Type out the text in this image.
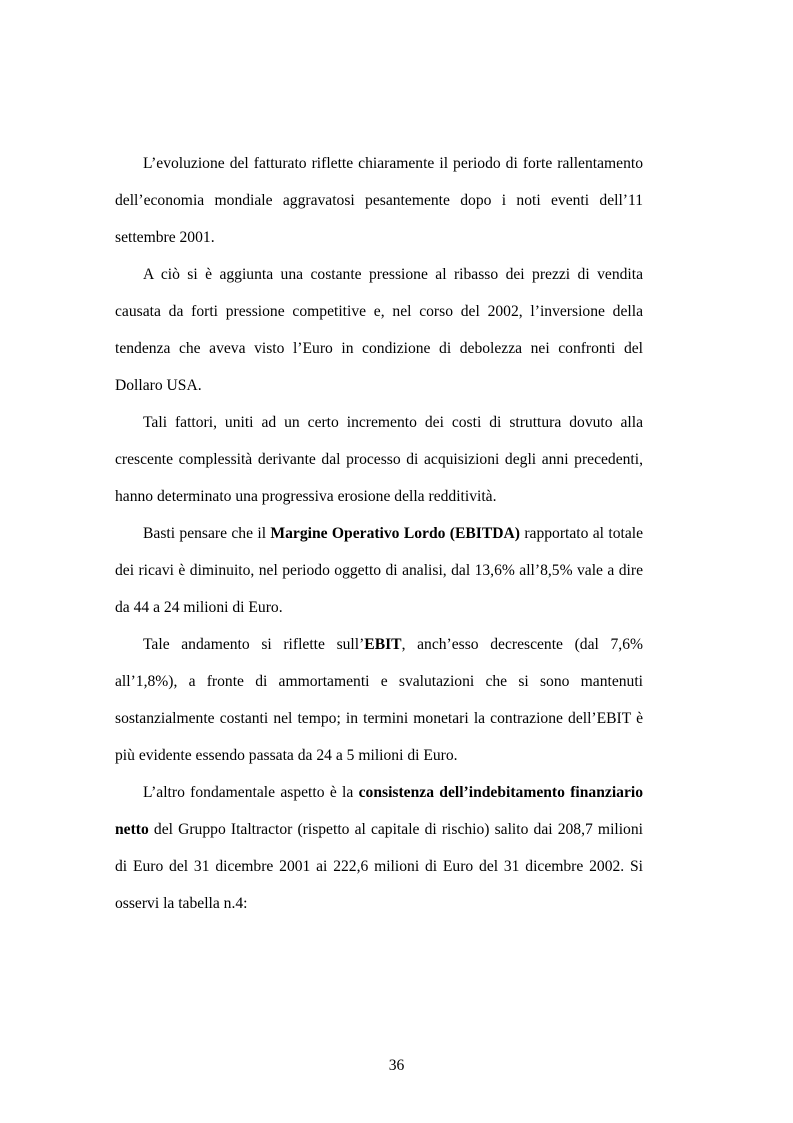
L’evoluzione del fatturato riflette chiaramente il periodo di forte rallentamento dell’economia mondiale aggravatosi pesantemente dopo i noti eventi dell’11 settembre 2001.

A ciò si è aggiunta una costante pressione al ribasso dei prezzi di vendita causata da forti pressione competitive e, nel corso del 2002, l’inversione della tendenza che aveva visto l’Euro in condizione di debolezza nei confronti del Dollaro USA.

Tali fattori, uniti ad un certo incremento dei costi di struttura dovuto alla crescente complessità derivante dal processo di acquisizioni degli anni precedenti, hanno determinato una progressiva erosione della redditività.

Basti pensare che il Margine Operativo Lordo (EBITDA) rapportato al totale dei ricavi è diminuito, nel periodo oggetto di analisi, dal 13,6% all’8,5% vale a dire da 44 a 24 milioni di Euro.

Tale andamento si riflette sull’EBIT, anch’esso decrescente (dal 7,6% all’1,8%), a fronte di ammortamenti e svalutazioni che si sono mantenuti sostanzialmente costanti nel tempo; in termini monetari la contrazione dell’EBIT è più evidente essendo passata da 24 a 5 milioni di Euro.

L’altro fondamentale aspetto è la consistenza dell’indebitamento finanziario netto del Gruppo Italtractor (rispetto al capitale di rischio) salito dai 208,7 milioni di Euro del 31 dicembre 2001 ai 222,6 milioni di Euro del 31 dicembre 2002. Si osservi la tabella n.4:

36
